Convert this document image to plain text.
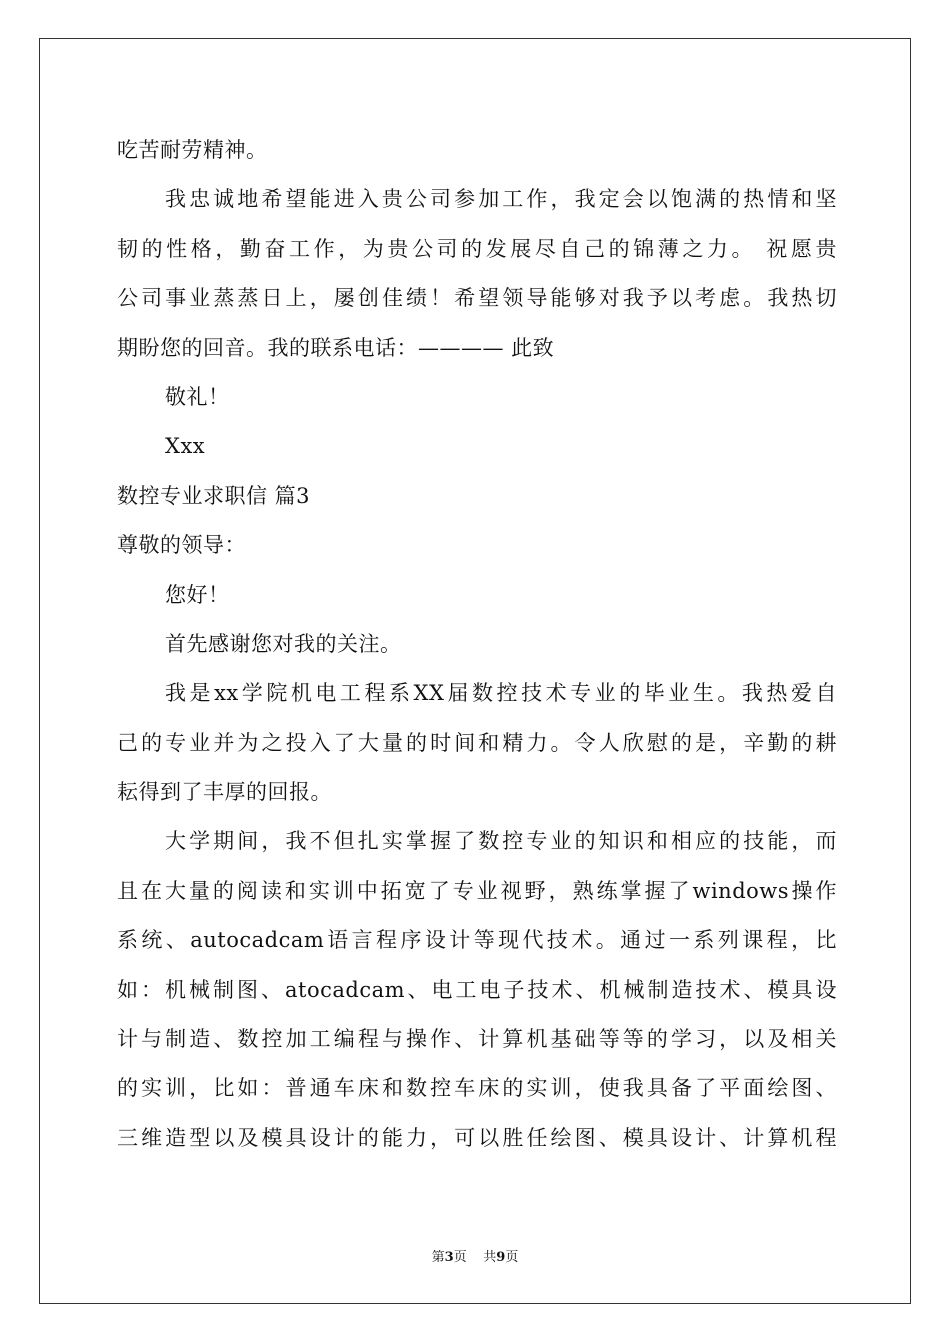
吃苦耐劳精神。
我忠诚地希望能进入贵公司参加工作，我定会以饱满的热情和坚
韧的性格，勤奋工作，为贵公司的发展尽自己的锦薄之力。 祝愿贵
公司事业蒸蒸日上，屡创佳绩！希望领导能够对我予以考虑。我热切
期盼您的回音。我的联系电话：———— 此致
敬礼！
Xxx
数控专业求职信 篇3
尊敬的领导：
您好！
首先感谢您对我的关注。
我是xx学院机电工程系XX届数控技术专业的毕业生。我热爱自
己的专业并为之投入了大量的时间和精力。令人欣慰的是，辛勤的耕
耘得到了丰厚的回报。
大学期间，我不但扎实掌握了数控专业的知识和相应的技能，而
且在大量的阅读和实训中拓宽了专业视野，熟练掌握了windows操作
系统、autocadcam语言程序设计等现代技术。通过一系列课程，比
如：机械制图、atocadcam、电工电子技术、机械制造技术、模具设
计与制造、数控加工编程与操作、计算机基础等等的学习，以及相关
的实训，比如：普通车床和数控车床的实训，使我具备了平面绘图、
三维造型以及模具设计的能力，可以胜任绘图、模具设计、计算机程
第3页 共9页
